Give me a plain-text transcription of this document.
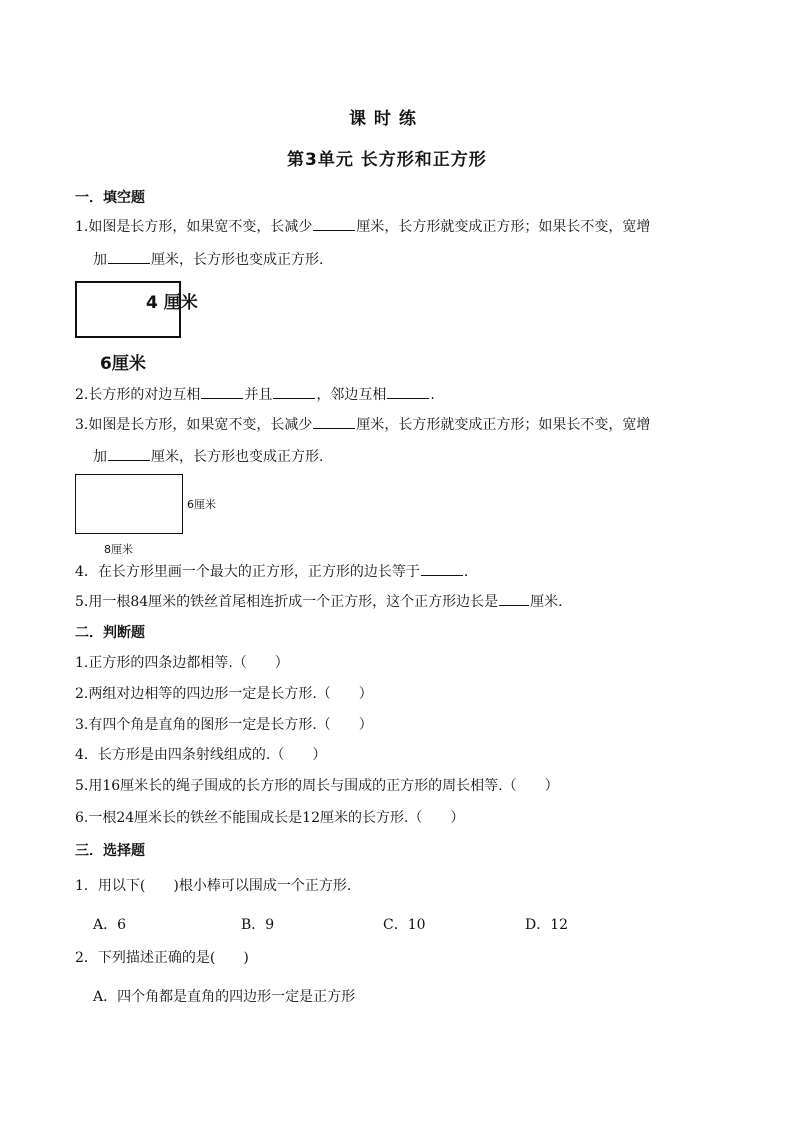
课 时 练
第3单元 长方形和正方形
一．填空题
1.如图是长方形，如果宽不变，长减少	厘米，长方形就变成正方形；如果长不变，宽增
加	厘米，长方形也变成正方形.
4 厘米
6厘米
2.长方形的对边互相	并且	，邻边互相	.
3.如图是长方形，如果宽不变，长减少	厘米，长方形就变成正方形；如果长不变，宽增
加	厘米，长方形也变成正方形.
6厘米
8厘米
4．在长方形里画一个最大的正方形，正方形的边长等于	.
5.用一根84厘米的铁丝首尾相连折成一个正方形，这个正方形边长是 厘米.
二．判断题
1.正方形的四条边都相等.（　　）
2.两组对边相等的四边形一定是长方形.（　　）
3.有四个角是直角的图形一定是长方形.（　　）
4．长方形是由四条射线组成的.（　　）
5.用16厘米长的绳子围成的长方形的周长与围成的正方形的周长相等.（　　）
6.一根24厘米长的铁丝不能围成长是12厘米的长方形.（　　）
三．选择题
1．用以下(　　)根小棒可以围成一个正方形.
A．6	B．9	C．10	D．12
2．下列描述正确的是(　　)
A．四个角都是直角的四边形一定是正方形
